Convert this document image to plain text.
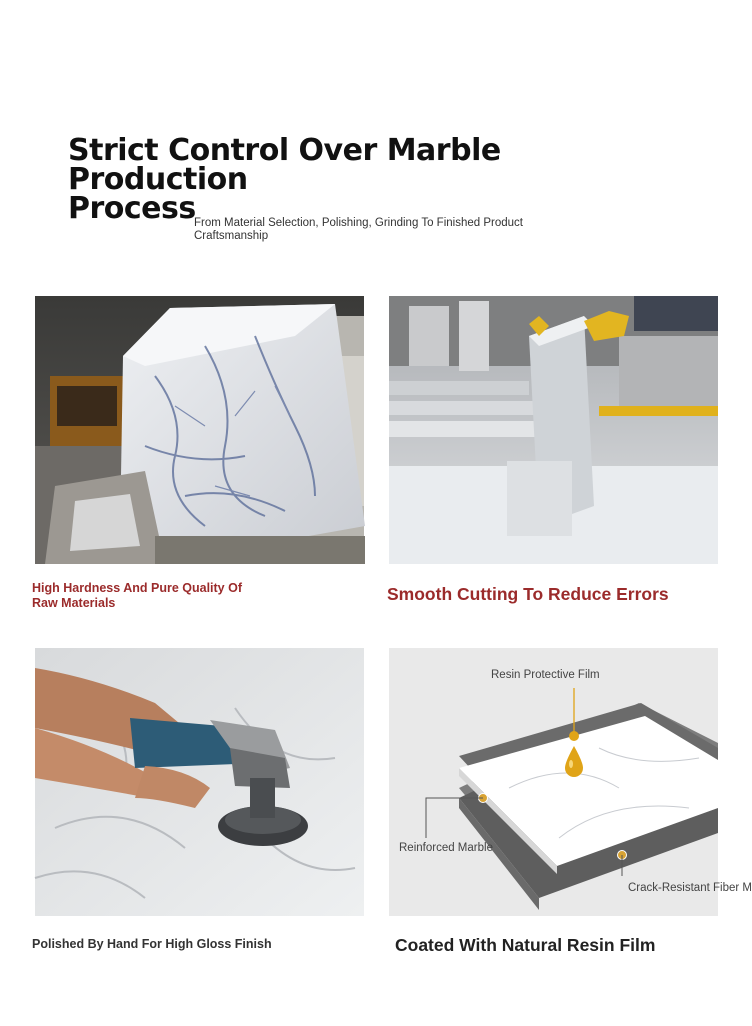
Strict Control Over Marble Production
Process
From Material Selection, Polishing, Grinding To Finished Product
Craftsmanship
High Hardness And Pure Quality Of
Raw Materials	Smooth Cutting To Reduce Errors
Resin Protective Film
Reinforced Marble
Crack-Resistant Fiber M
Polished By Hand For High Gloss Finish	Coated With Natural Resin Film
